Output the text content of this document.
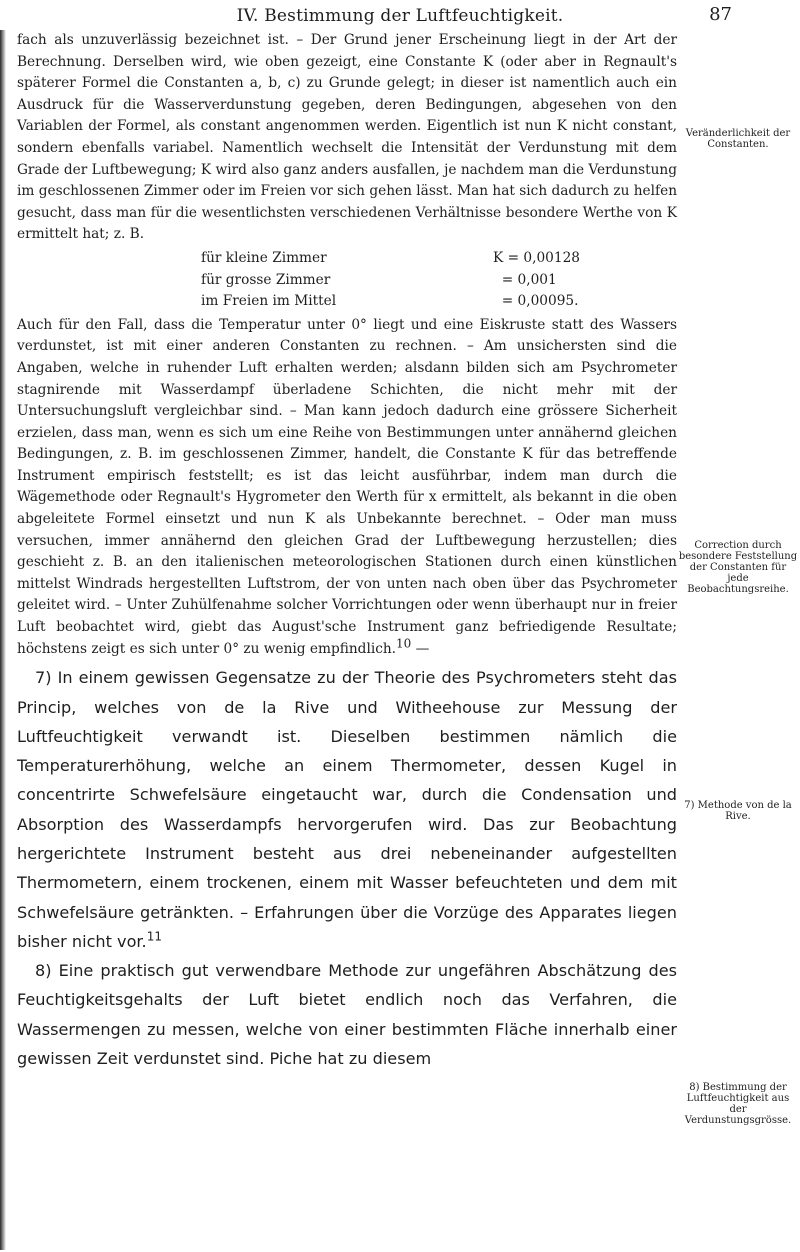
IV. Bestimmung der Luftfeuchtigkeit.	87

fach als unzuverlässig bezeichnet ist. – Der Grund jener Erscheinung liegt in der Art der Berechnung. Derselben wird, wie oben gezeigt, eine Constante K (oder aber in Regnault's späterer Formel die Constanten a, b, c) zu Grunde gelegt; in dieser ist namentlich auch ein Ausdruck für die Wasserverdunstung gegeben, deren Bedingungen, abgesehen von den Variablen der Formel, als constant angenommen werden. Eigentlich ist nun K nicht constant, sondern ebenfalls variabel. Namentlich wechselt die Intensität der Verdunstung mit dem Grade der Luftbewegung; K wird also ganz anders ausfallen, je nachdem man die Verdunstung im geschlossenen Zimmer oder im Freien vor sich gehen lässt. Man hat sich dadurch zu helfen gesucht, dass man für die wesentlichsten verschiedenen Verhältnisse besondere Werthe von K ermittelt hat; z. B.

für kleine Zimmer	K = 0,00128
für grosse Zimmer	= 0,001
im Freien im Mittel	= 0,00095.

Auch für den Fall, dass die Temperatur unter 0° liegt und eine Eiskruste statt des Wassers verdunstet, ist mit einer anderen Constanten zu rechnen. – Am unsichersten sind die Angaben, welche in ruhender Luft erhalten werden; alsdann bilden sich am Psychrometer stagnirende mit Wasserdampf überladene Schichten, die nicht mehr mit der Untersuchungsluft vergleichbar sind. – Man kann jedoch dadurch eine grössere Sicherheit erzielen, dass man, wenn es sich um eine Reihe von Bestimmungen unter annähernd gleichen Bedingungen, z. B. im geschlossenen Zimmer, handelt, die Constante K für das betreffende Instrument empirisch feststellt; es ist das leicht ausführbar, indem man durch die Wägemethode oder Regnault's Hygrometer den Werth für x ermittelt, als bekannt in die oben abgeleitete Formel einsetzt und nun K als Unbekannte berechnet. – Oder man muss versuchen, immer annähernd den gleichen Grad der Luftbewegung herzustellen; dies geschieht z. B. an den italienischen meteorologischen Stationen durch einen künstlichen mittelst Windrads hergestellten Luftstrom, der von unten nach oben über das Psychrometer geleitet wird. – Unter Zuhülfenahme solcher Vorrichtungen oder wenn überhaupt nur in freier Luft beobachtet wird, giebt das August'sche Instrument ganz befriedigende Resultate; höchstens zeigt es sich unter 0° zu wenig empfindlich.10 —

7) In einem gewissen Gegensatze zu der Theorie des Psychrometers steht das Princip, welches von de la Rive und Witheehouse zur Messung der Luftfeuchtigkeit verwandt ist. Dieselben bestimmen nämlich die Temperaturerhöhung, welche an einem Thermometer, dessen Kugel in concentrirte Schwefelsäure eingetaucht war, durch die Condensation und Absorption des Wasserdampfs hervorgerufen wird. Das zur Beobachtung hergerichtete Instrument besteht aus drei nebeneinander aufgestellten Thermometern, einem trockenen, einem mit Wasser befeuchteten und dem mit Schwefelsäure getränkten. – Erfahrungen über die Vorzüge des Apparates liegen bisher nicht vor.$^{11}$

8) Eine praktisch gut verwendbare Methode zur ungefähren Abschätzung des Feuchtigkeitsgehalts der Luft bietet endlich noch das Verfahren, die Wassermengen zu messen, welche von einer bestimmten Fläche innerhalb einer gewissen Zeit verdunstet sind. Piche hat zu diesem

Veränderlichkeit der Constanten.
Correction durch besondere Feststellung der Constanten für jede Beobachtungsreihe.
7) Methode von de la Rive.
8) Bestimmung der Luftfeuchtigkeit aus der Verdunstungsgrösse.
